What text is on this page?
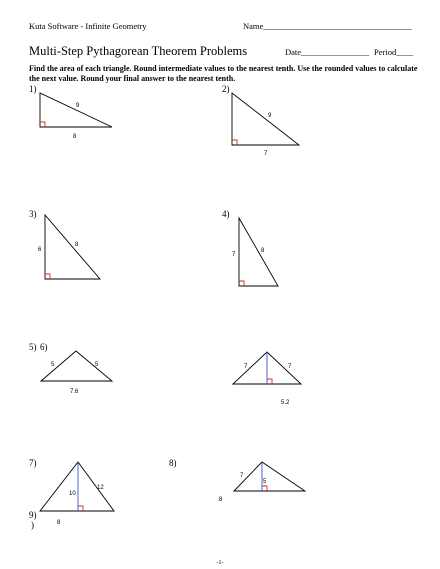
Kuta Software - Infinite Geometry	Name___________________________________
Multi-Step Pythagorean Theorem Problems	Date________________ Period____
Find the area of each triangle. Round intermediate values to the nearest tenth. Use the rounded values to calculate the next value. Round your final answer to the nearest tenth.
1)	2)
3)	4)
5) 6)
7)	8)
9)
)
9
8
9
7
6
8
7
8
5	5
7.6
7	7
5.2
10
12
8
7
5
8
-1-
